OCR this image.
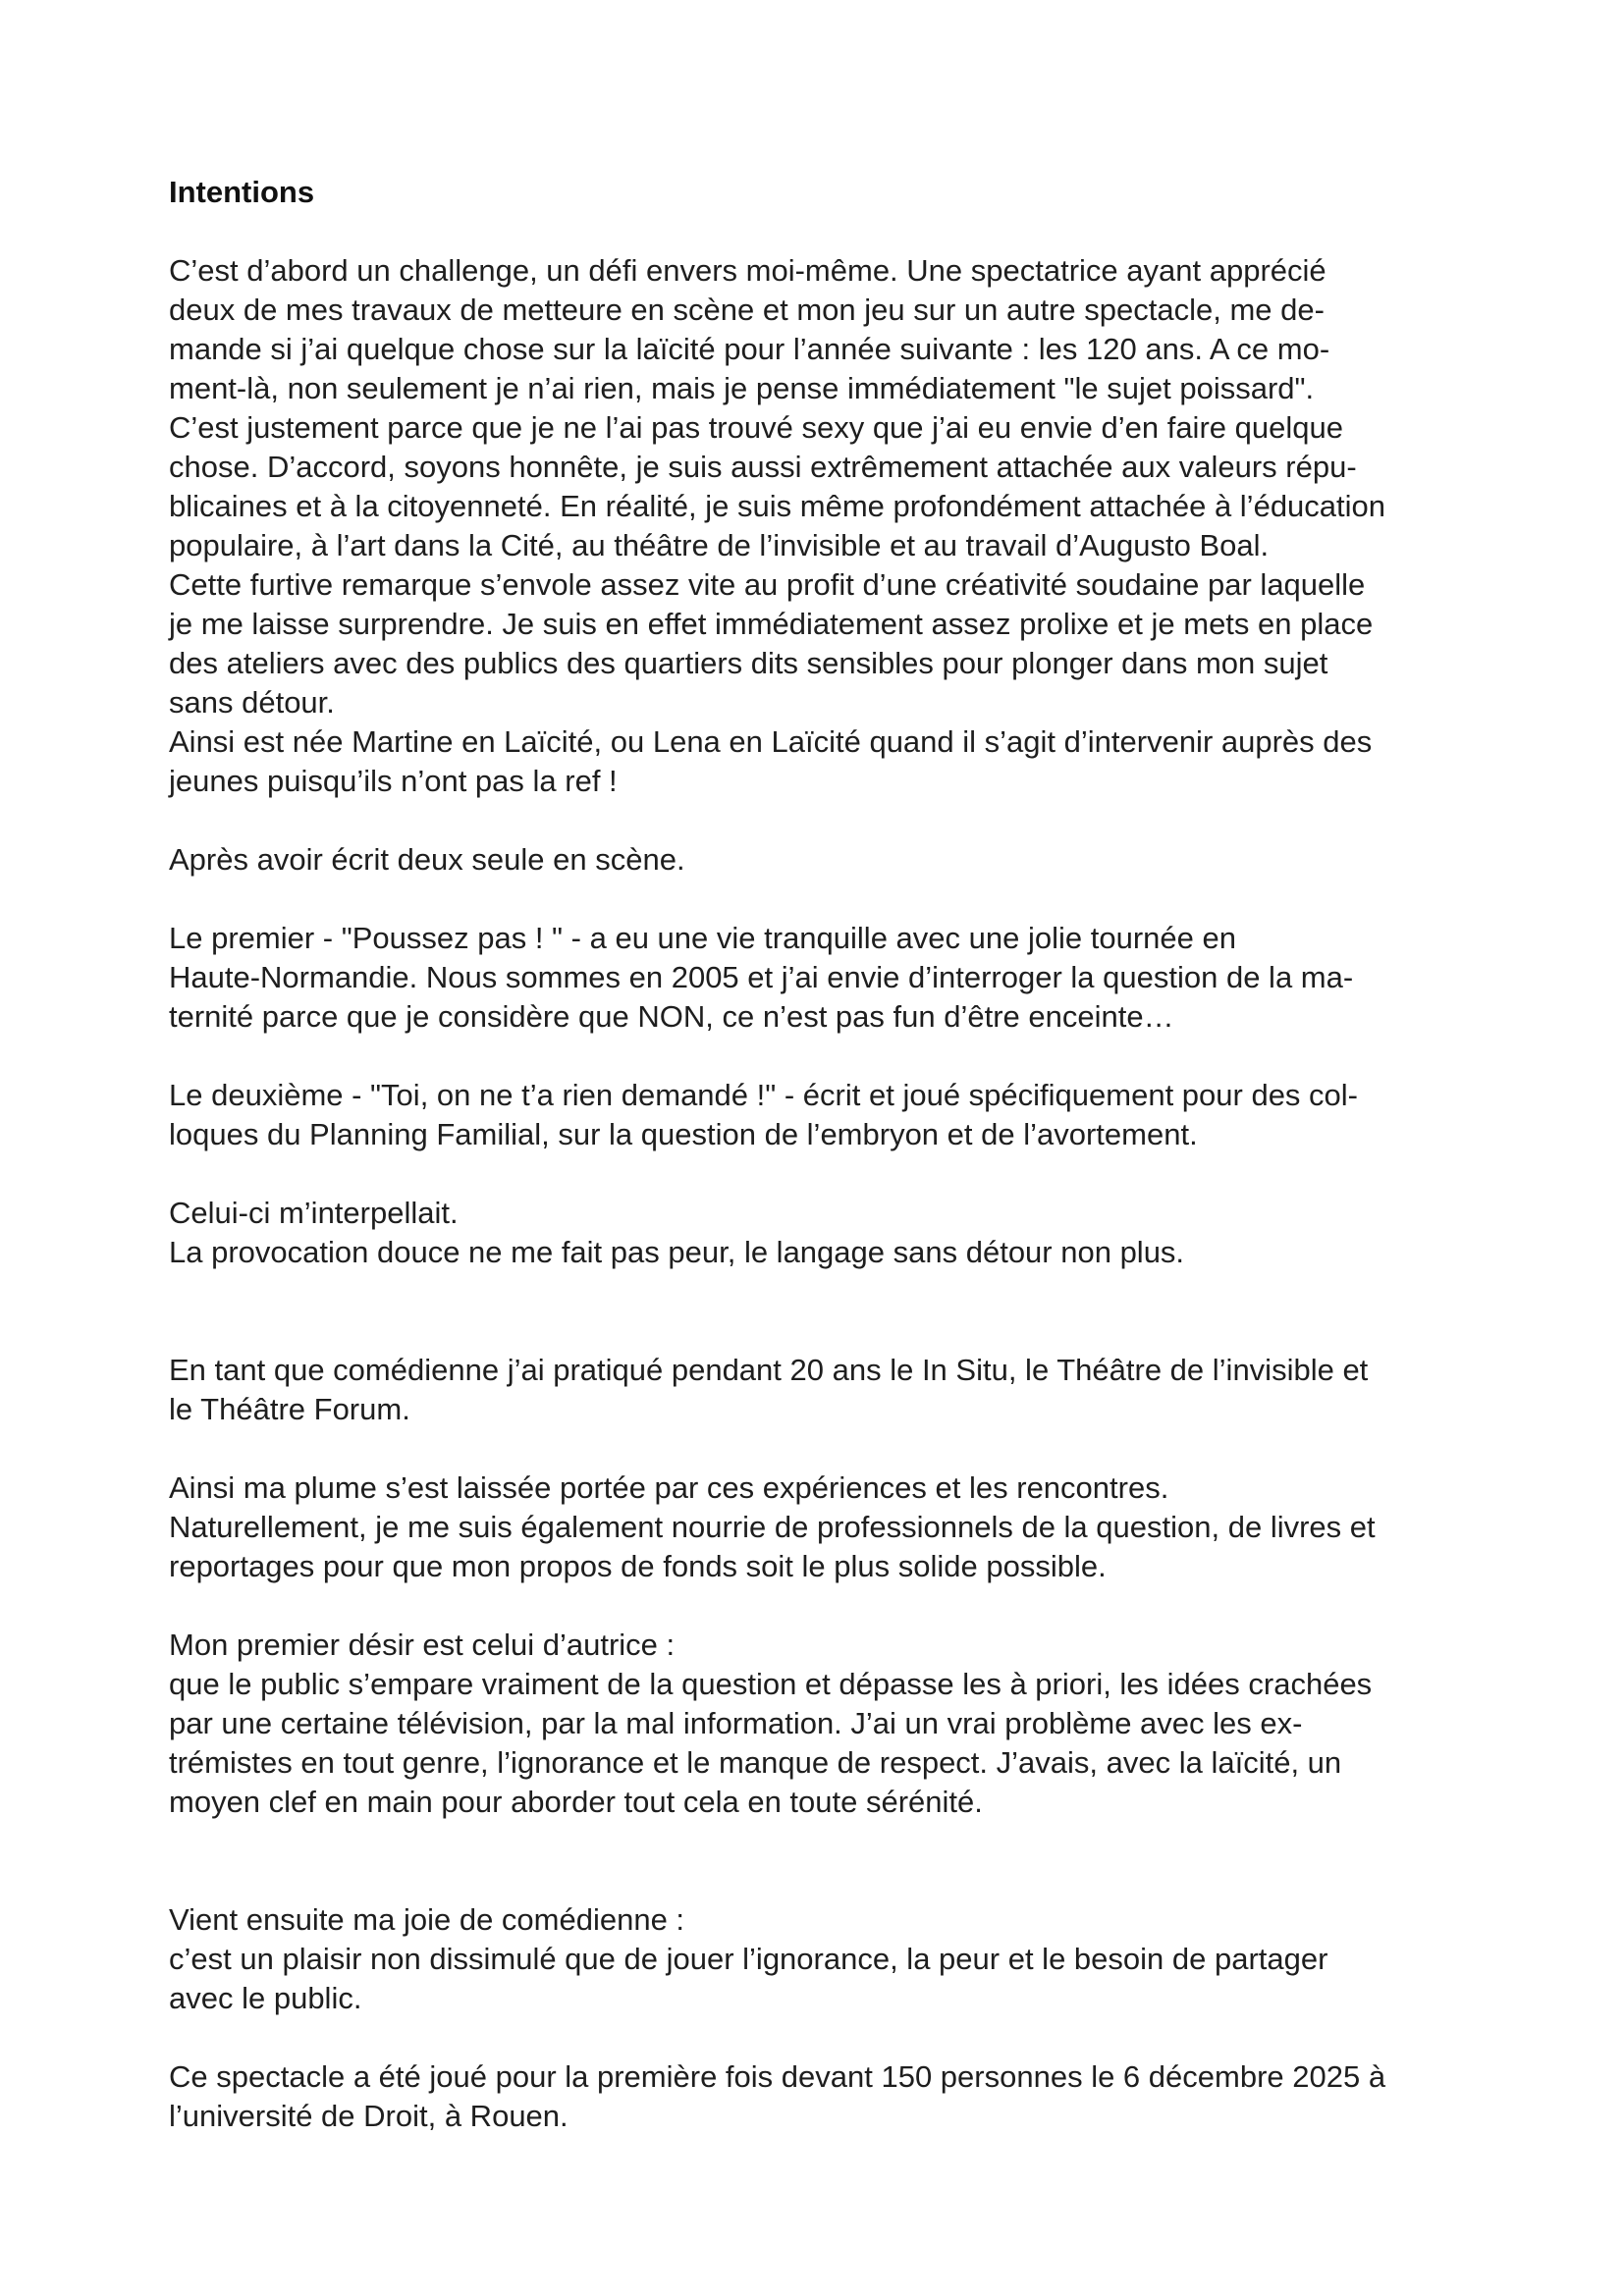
Intentions

C’est d’abord un challenge, un défi envers moi-même. Une spectatrice ayant apprécié
deux de mes travaux de metteure en scène et mon jeu sur un autre spectacle, me de-
mande si j’ai quelque chose sur la laïcité pour l’année suivante : les 120 ans. A ce mo-
ment-là, non seulement je n’ai rien, mais je pense immédiatement "le sujet poissard".
C’est justement parce que je ne l’ai pas trouvé sexy que j’ai eu envie d’en faire quelque
chose. D’accord, soyons honnête, je suis aussi extrêmement attachée aux valeurs répu-
blicaines et à la citoyenneté. En réalité, je suis même profondément attachée à l’éducation
populaire, à l’art dans la Cité, au théâtre de l’invisible et au travail d’Augusto Boal.
Cette furtive remarque s’envole assez vite au profit d’une créativité soudaine par laquelle
je me laisse surprendre. Je suis en effet immédiatement assez prolixe et je mets en place
des ateliers avec des publics des quartiers dits sensibles pour plonger dans mon sujet
sans détour.
Ainsi est née Martine en Laïcité, ou Lena en Laïcité quand il s’agit d’intervenir auprès des
jeunes puisqu’ils n’ont pas la ref !

Après avoir écrit deux seule en scène.

Le premier - "Poussez pas ! " - a eu une vie tranquille avec une jolie tournée en
Haute-Normandie. Nous sommes en 2005 et j’ai envie d’interroger la question de la ma-
ternité parce que je considère que NON, ce n’est pas fun d’être enceinte…

Le deuxième - "Toi, on ne t’a rien demandé !" - écrit et joué spécifiquement pour des col-
loques du Planning Familial, sur la question de l’embryon et de l’avortement.

Celui-ci m’interpellait.
La provocation douce ne me fait pas peur, le langage sans détour non plus.

En tant que comédienne j’ai pratiqué pendant 20 ans le In Situ, le Théâtre de l’invisible et
le Théâtre Forum.

Ainsi ma plume s’est laissée portée par ces expériences et les rencontres.
Naturellement, je me suis également nourrie de professionnels de la question, de livres et
reportages pour que mon propos de fonds soit le plus solide possible.

Mon premier désir est celui d’autrice :
que le public s’empare vraiment de la question et dépasse les à priori, les idées crachées
par une certaine télévision, par la mal information. J’ai un vrai problème avec les ex-
trémistes en tout genre, l’ignorance et le manque de respect. J’avais, avec la laïcité, un
moyen clef en main pour aborder tout cela en toute sérénité.

Vient ensuite ma joie de comédienne :
c’est un plaisir non dissimulé que de jouer l’ignorance, la peur et le besoin de partager
avec le public.

Ce spectacle a été joué pour la première fois devant 150 personnes le 6 décembre 2025 à
l’université de Droit, à Rouen.
